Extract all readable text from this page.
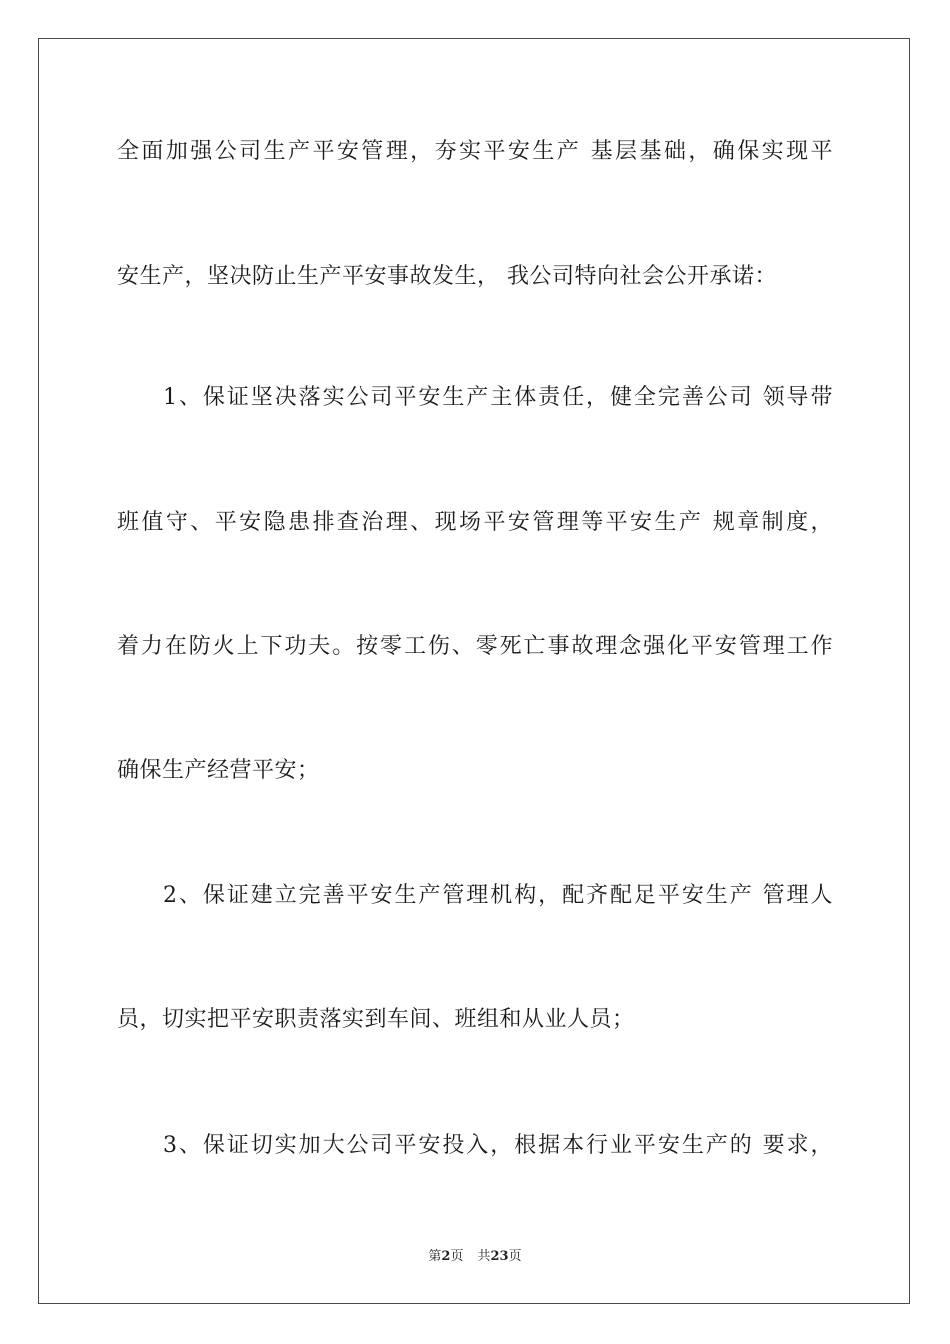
全面加强公司生产平安管理，夯实平安生产 基层基础，确保实现平
安生产，坚决防止生产平安事故发生， 我公司特向社会公开承诺：
1、保证坚决落实公司平安生产主体责任，健全完善公司 领导带
班值守、平安隐患排查治理、现场平安管理等平安生产 规章制度，
着力在防火上下功夫。按零工伤、零死亡事故理念强化平安管理工作
确保生产经营平安；
2、保证建立完善平安生产管理机构，配齐配足平安生产 管理人
员，切实把平安职责落实到车间、班组和从业人员；
3、保证切实加大公司平安投入，根据本行业平安生产的 要求，
第2页 共23页
